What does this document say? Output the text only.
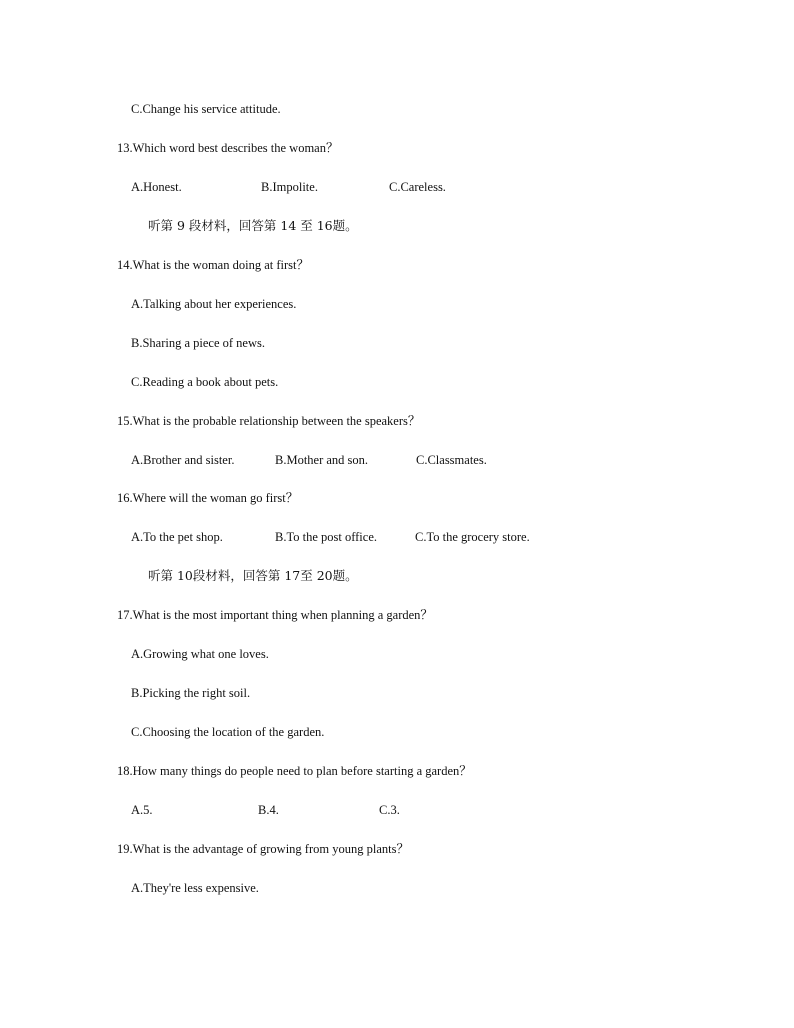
C.Change his service attitude.
13.Which word best describes the woman？
A.Honest.	B.Impolite.	C.Careless.
听第 9 段材料，回答第 14 至 16题。
14.What is the woman doing at first？
A.Talking about her experiences.
B.Sharing a piece of news.
C.Reading a book about pets.
15.What is the probable relationship between the speakers？
A.Brother and sister.	B.Mother and son.	C.Classmates.
16.Where will the woman go first？
A.To the pet shop.	B.To the post office.	C.To the grocery store.
听第 10段材料，回答第 17至 20题。
17.What is the most important thing when planning a garden？
A.Growing what one loves.
B.Picking the right soil.
C.Choosing the location of the garden.
18.How many things do people need to plan before starting a garden？
A.5.	B.4.	C.3.
19.What is the advantage of growing from young plants？
A.They're less expensive.
